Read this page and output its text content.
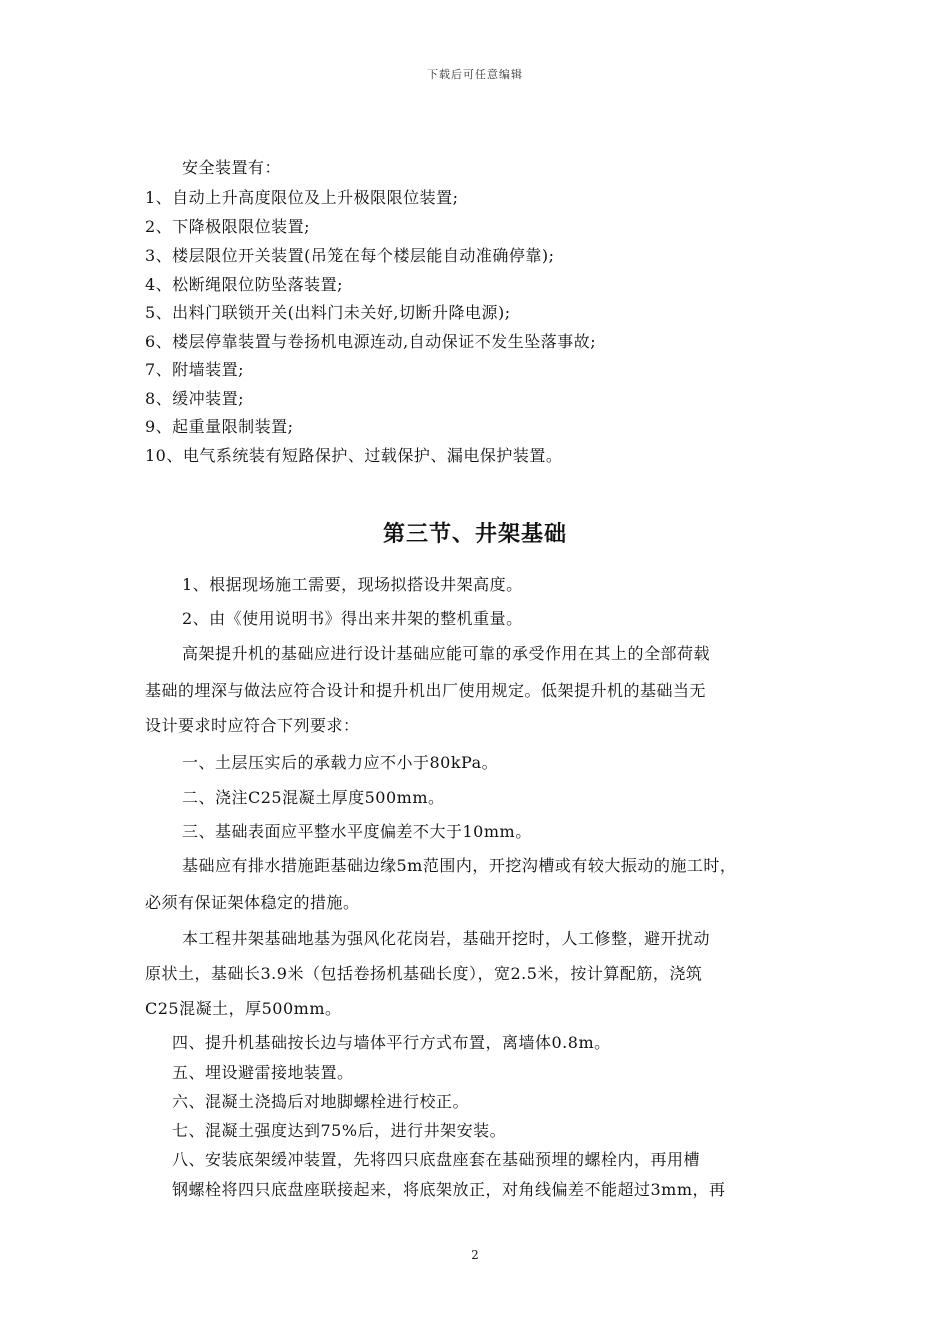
下载后可任意编辑
安全装置有：
1、自动上升高度限位及上升极限限位装置;
2、下降极限限位装置;
3、楼层限位开关装置(吊笼在每个楼层能自动准确停靠);
4、松断绳限位防坠落装置;
5、出料门联锁开关(出料门未关好,切断升降电源);
6、楼层停靠装置与卷扬机电源连动,自动保证不发生坠落事故;
7、附墙装置;
8、缓冲装置;
9、起重量限制装置;
10、电气系统装有短路保护、过载保护、漏电保护装置。
第三节、井架基础
1、根据现场施工需要，现场拟搭设井架高度。
2、由《使用说明书》得出来井架的整机重量。
高架提升机的基础应进行设计基础应能可靠的承受作用在其上的全部荷载
基础的埋深与做法应符合设计和提升机出厂使用规定。低架提升机的基础当无
设计要求时应符合下列要求：
一、土层压实后的承载力应不小于80kPa。
二、浇注C25混凝土厚度500mm。
三、基础表面应平整水平度偏差不大于10mm。
基础应有排水措施距基础边缘5m范围内，开挖沟槽或有较大振动的施工时，
必须有保证架体稳定的措施。
本工程井架基础地基为强风化花岗岩，基础开挖时，人工修整，避开扰动
原状土，基础长3.9米（包括卷扬机基础长度），宽2.5米，按计算配筋，浇筑
C25混凝土，厚500mm。
四、提升机基础按长边与墙体平行方式布置，离墙体0.8m。
五、埋设避雷接地装置。
六、混凝土浇捣后对地脚螺栓进行校正。
七、混凝土强度达到75%后，进行井架安装。
八、安装底架缓冲装置，先将四只底盘座套在基础预埋的螺栓内，再用槽
钢螺栓将四只底盘座联接起来，将底架放正，对角线偏差不能超过3mm，再
2
